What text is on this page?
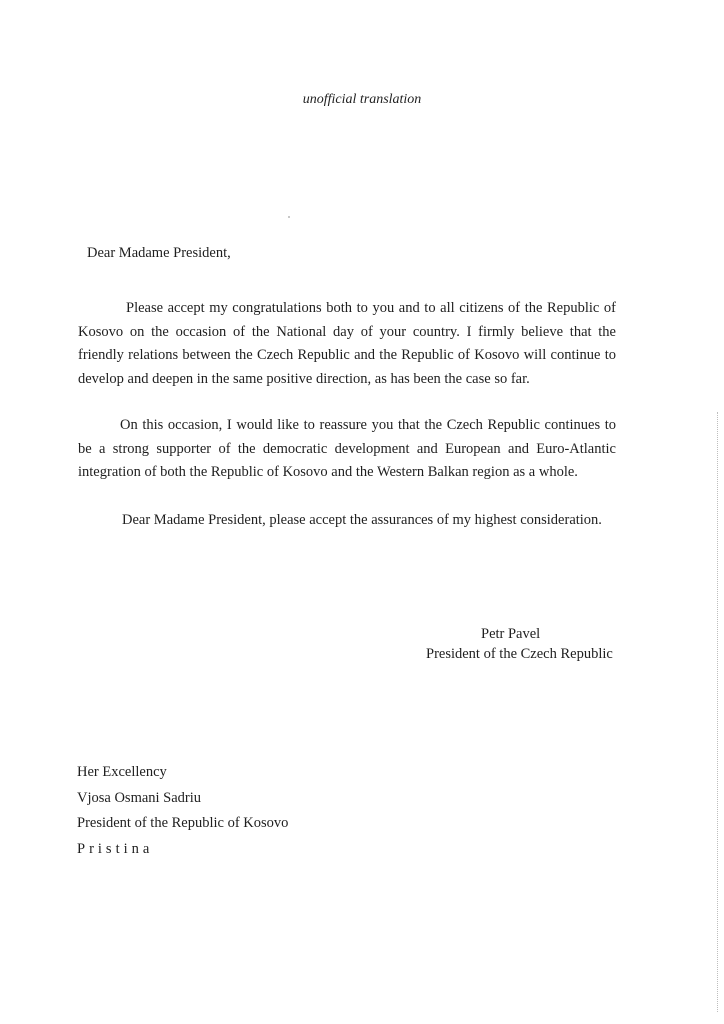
unofficial translation
Dear Madame President,

Please accept my congratulations both to you and to all citizens of the Republic of Kosovo on the occasion of the National day of your country. I firmly believe that the friendly relations between the Czech Republic and the Republic of Kosovo will continue to develop and deepen in the same positive direction, as has been the case so far.

On this occasion, I would like to reassure you that the Czech Republic continues to be a strong supporter of the democratic development and European and Euro-Atlantic integration of both the Republic of Kosovo and the Western Balkan region as a whole.

Dear Madame President, please accept the assurances of my highest consideration.
Petr Pavel
President of the Czech Republic
Her Excellency
Vjosa Osmani Sadriu
President of the Republic of Kosovo
Pristina
